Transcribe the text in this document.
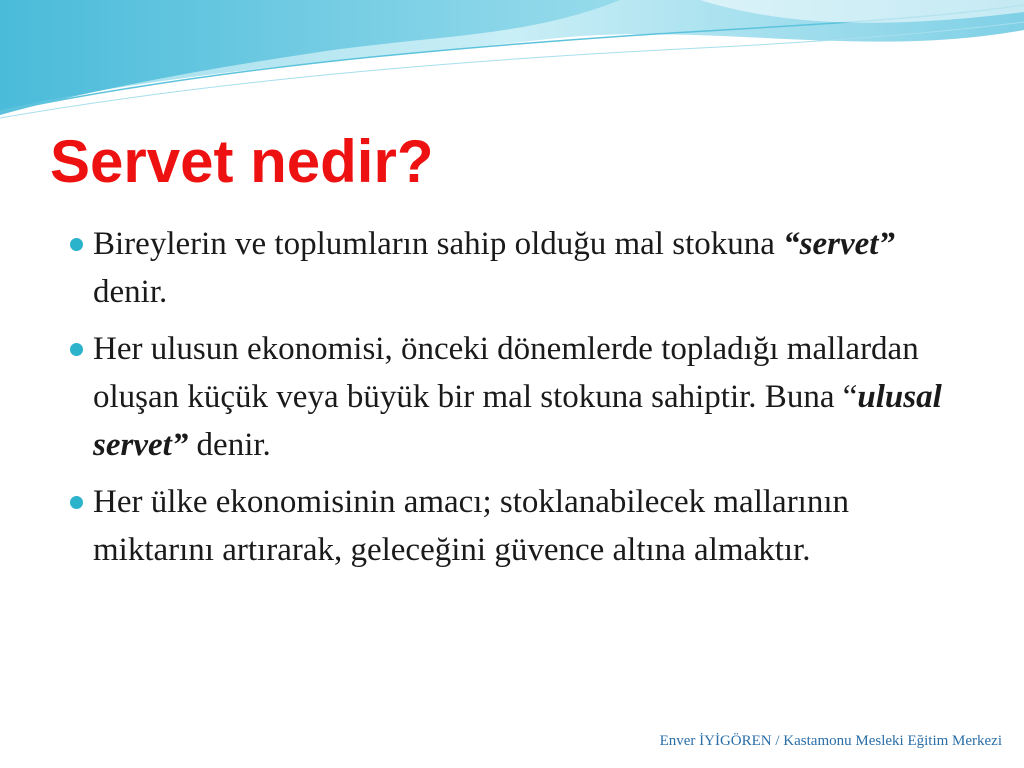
Servet nedir?
Bireylerin ve toplumların sahip olduğu mal stokuna “servet” denir.
Her ulusun ekonomisi, önceki dönemlerde topladığı mallardan oluşan küçük veya büyük bir mal stokuna sahiptir. Buna “ulusal servet” denir.
Her ülke ekonomisinin amacı; stoklanabilecek mallarının miktarını artırarak, geleceğini güvence altına almaktır.
Enver İYİGÖREN / Kastamonu Mesleki Eğitim Merkezi
